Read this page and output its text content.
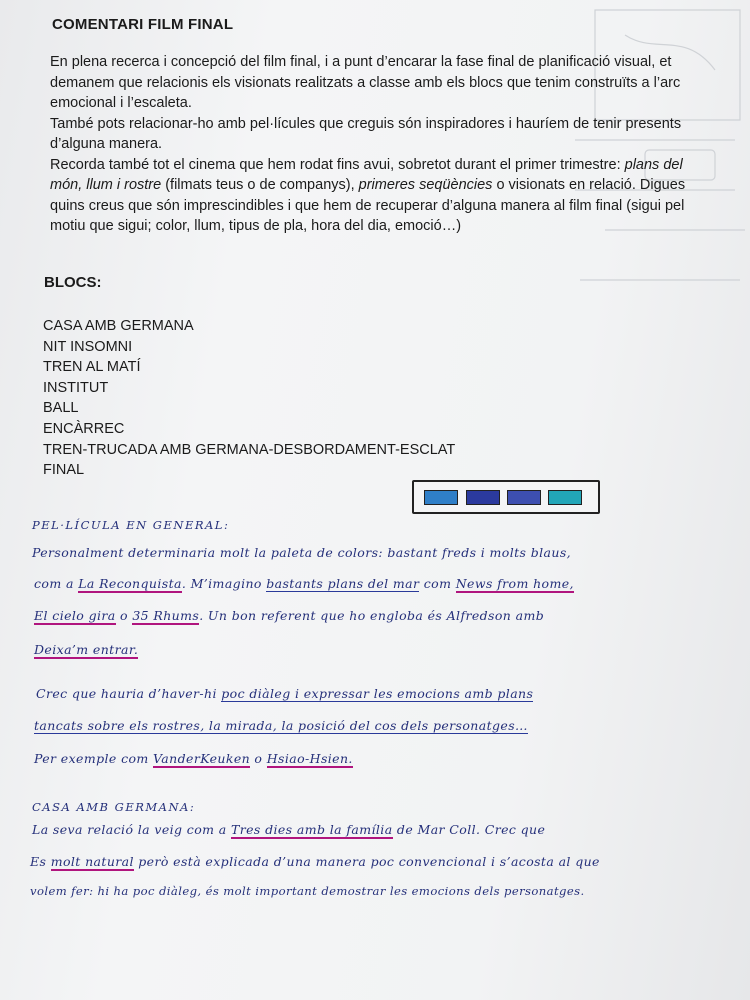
COMENTARI FILM FINAL

En plena recerca i concepció del film final, i a punt d’encarar la fase final de planificació visual, et demanem que relacionis els visionats realitzats a classe amb els blocs que tenim construïts a l’arc emocional i l’escaleta.

També pots relacionar-ho amb pel·lícules que creguis són inspiradores i hauríem de tenir presents d’alguna manera.

Recorda també tot el cinema que hem rodat fins avui, sobretot durant el primer trimestre: plans del món, llum i rostre (filmats teus o de companys), primeres seqüències o visionats en relació. Digues quins creus que són imprescindibles i que hem de recuperar d’alguna manera al film final (sigui pel motiu que sigui; color, llum, tipus de pla, hora del dia, emoció…)

BLOCS:
CASA AMB GERMANA
NIT INSOMNI
TREN AL MATÍ
INSTITUT
BALL
ENCÀRREC
TREN-TRUCADA AMB GERMANA-DESBORDAMENT-ESCLAT
FINAL
PEL·LÍCULA EN GENERAL:
Personalment determinaria molt la paleta de colors: bastant freds i molts blaus,
com a La Reconquista. M’imagino bastants plans del mar com News from home,
El cielo gira o 35 Rhums. Un bon referent que ho engloba és Alfredson amb
Deixa’m entrar.
Crec que hauria d’haver-hi poc diàleg i expressar les emocions amb plans
tancats sobre els rostres, la mirada, la posició del cos dels personatges…
Per exemple com VanderKeuken o Hsiao-Hsien.
CASA AMB GERMANA:
La seva relació la veig com a Tres dies amb la família de Mar Coll. Crec que
Es molt natural però està explicada d’una manera poc convencional i s’acosta al que
volem fer: hi ha poc diàleg, és molt important demostrar les emocions dels personatges.
